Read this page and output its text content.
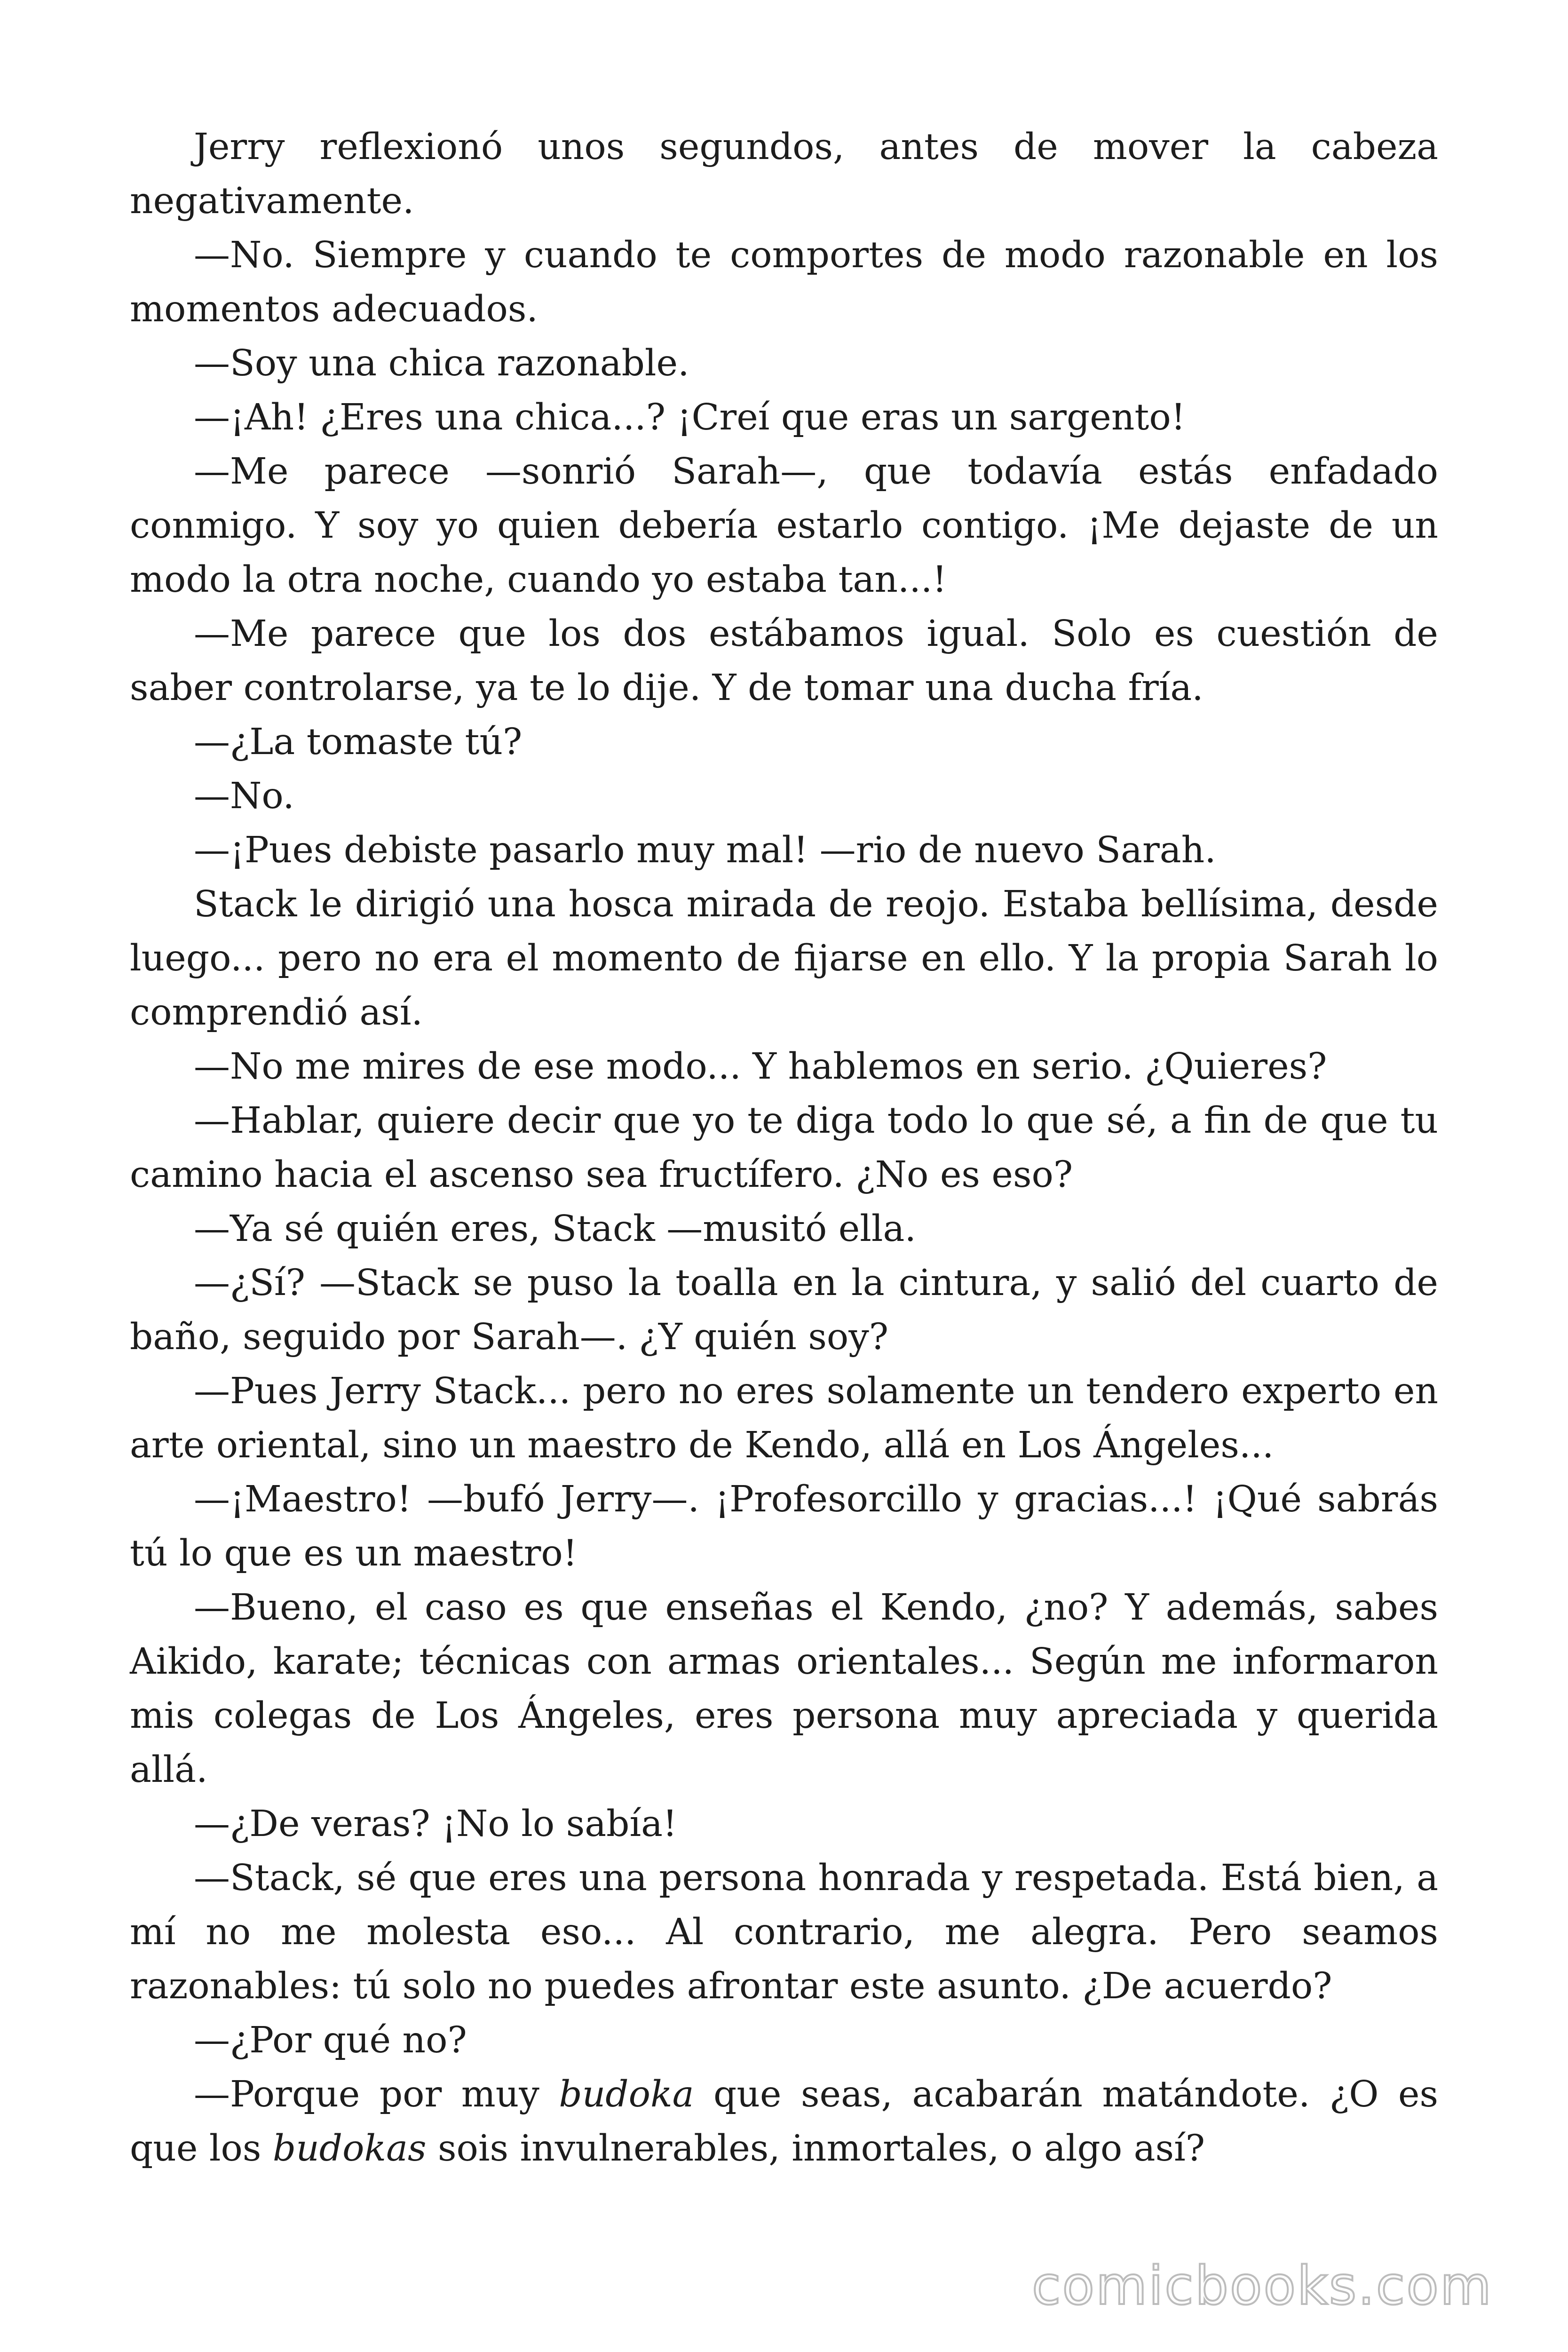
Jerry reflexionó unos segundos, antes de mover la cabeza negativamente.

—No. Siempre y cuando te comportes de modo razonable en los momentos adecuados.

—Soy una chica razonable.

—¡Ah! ¿Eres una chica...? ¡Creí que eras un sargento!

—Me parece —sonrió Sarah—, que todavía estás enfadado conmigo. Y soy yo quien debería estarlo contigo. ¡Me dejaste de un modo la otra noche, cuando yo estaba tan...!

—Me parece que los dos estábamos igual. Solo es cuestión de saber controlarse, ya te lo dije. Y de tomar una ducha fría.

—¿La tomaste tú?

—No.

—¡Pues debiste pasarlo muy mal! —rio de nuevo Sarah.

Stack le dirigió una hosca mirada de reojo. Estaba bellísima, desde luego... pero no era el momento de fijarse en ello. Y la propia Sarah lo comprendió así.

—No me mires de ese modo... Y hablemos en serio. ¿Quieres?

—Hablar, quiere decir que yo te diga todo lo que sé, a fin de que tu camino hacia el ascenso sea fructífero. ¿No es eso?

—Ya sé quién eres, Stack —musitó ella.

—¿Sí? —Stack se puso la toalla en la cintura, y salió del cuarto de baño, seguido por Sarah—. ¿Y quién soy?

—Pues Jerry Stack... pero no eres solamente un tendero experto en arte oriental, sino un maestro de Kendo, allá en Los Ángeles...

—¡Maestro! —bufó Jerry—. ¡Profesorcillo y gracias...! ¡Qué sabrás tú lo que es un maestro!

—Bueno, el caso es que enseñas el Kendo, ¿no? Y además, sabes Aikido, karate; técnicas con armas orientales... Según me informaron mis colegas de Los Ángeles, eres persona muy apreciada y querida allá.

—¿De veras? ¡No lo sabía!

—Stack, sé que eres una persona honrada y respetada. Está bien, a mí no me molesta eso... Al contrario, me alegra. Pero seamos razonables: tú solo no puedes afrontar este asunto. ¿De acuerdo?

—¿Por qué no?

—Porque por muy budoka que seas, acabarán matándote. ¿O es que los budokas sois invulnerables, inmortales, o algo así?

comicbooks.com
